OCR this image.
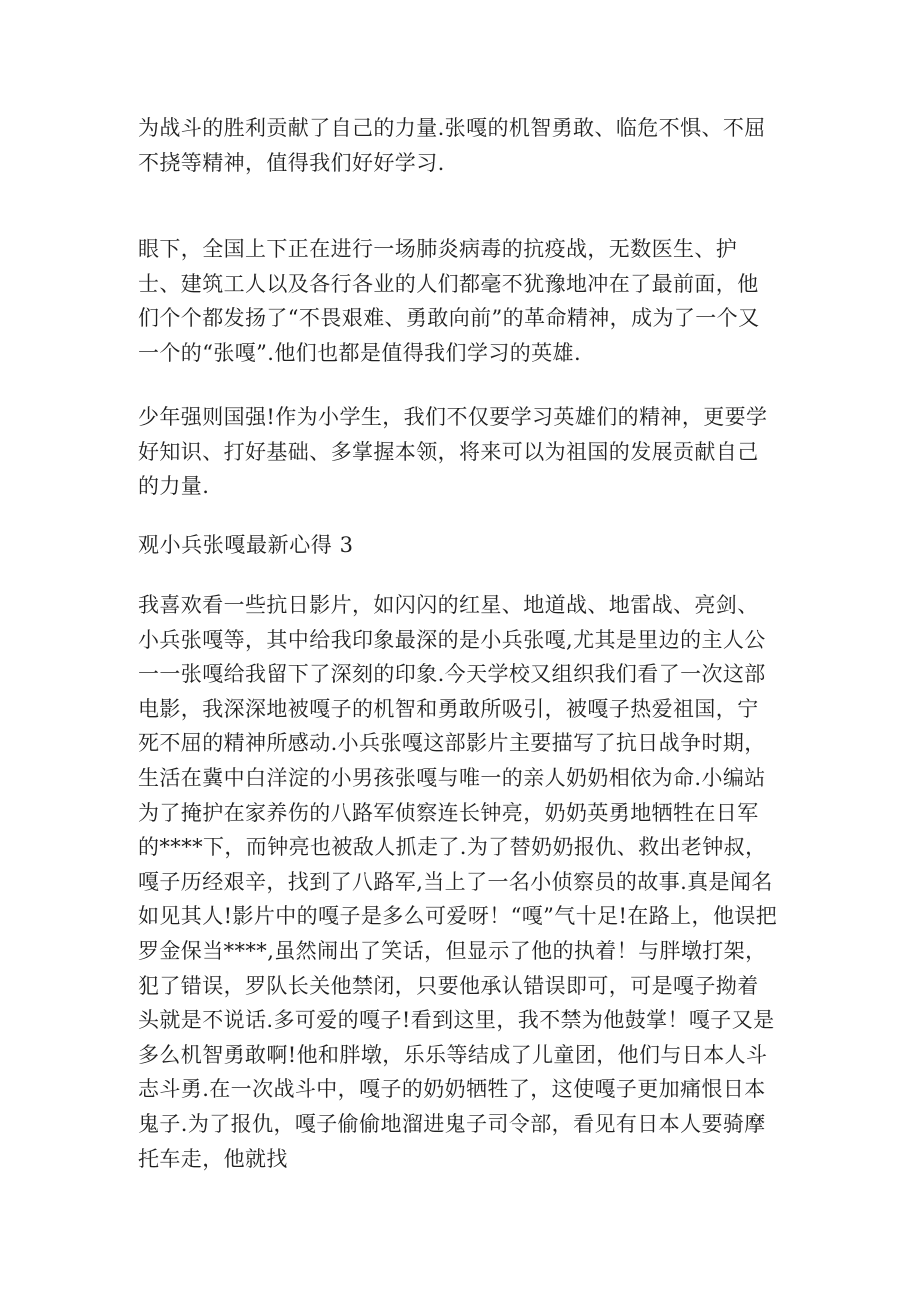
为战斗的胜利贡献了自己的力量.张嘎的机智勇敢、临危不惧、不屈不挠等精神，值得我们好好学习.

眼下，全国上下正在进行一场肺炎病毒的抗疫战，无数医生、护士、建筑工人以及各行各业的人们都毫不犹豫地冲在了最前面，他们个个都发扬了“不畏艰难、勇敢向前”的革命精神，成为了一个又一个的“张嘎”.他们也都是值得我们学习的英雄.

少年强则国强!作为小学生，我们不仅要学习英雄们的精神，更要学好知识、打好基础、多掌握本领，将来可以为祖国的发展贡献自己的力量.

观小兵张嘎最新心得 3

我喜欢看一些抗日影片，如闪闪的红星、地道战、地雷战、亮剑、小兵张嘎等，其中给我印象最深的是小兵张嘎,尤其是里边的主人公一一张嘎给我留下了深刻的印象.今天学校又组织我们看了一次这部电影，我深深地被嘎子的机智和勇敢所吸引，被嘎子热爱祖国，宁死不屈的精神所感动.小兵张嘎这部影片主要描写了抗日战争时期，生活在冀中白洋淀的小男孩张嘎与唯一的亲人奶奶相依为命.小编站为了掩护在家养伤的八路军侦察连长钟亮，奶奶英勇地牺牲在日军的****下，而钟亮也被敌人抓走了.为了替奶奶报仇、救出老钟叔，嘎子历经艰辛，找到了八路军,当上了一名小侦察员的故事.真是闻名如见其人!影片中的嘎子是多么可爱呀！“嘎”气十足!在路上，他误把罗金保当****,虽然闹出了笑话，但显示了他的执着！与胖墩打架，犯了错误，罗队长关他禁闭，只要他承认错误即可，可是嘎子拗着头就是不说话.多可爱的嘎子!看到这里，我不禁为他鼓掌！嘎子又是多么机智勇敢啊!他和胖墩，乐乐等结成了儿童团，他们与日本人斗志斗勇.在一次战斗中，嘎子的奶奶牺牲了，这使嘎子更加痛恨日本鬼子.为了报仇，嘎子偷偷地溜进鬼子司令部，看见有日本人要骑摩托车走，他就找
